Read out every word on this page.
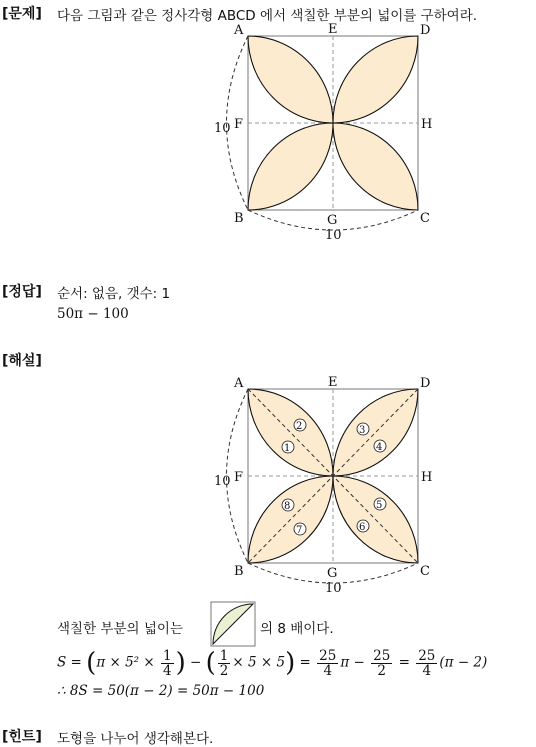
[문제] 다음 그림과 같은 정사각형 ABCD 에서 색칠한 부분의 넓이를 구하여라.
A	D
B	C
E
F	H
G
10
10
[정답] 순서: 없음, 갯수: 1
50π − 100
[해설]
1
2	3
4
5
6
7
8
A	D
B	C
E
F	H
G
10
10
색칠한 부분의 넓이는	의 8 배이다.
$S = (\pi \times 5^2 \times \frac{1}{4}$ ) − ( $\frac{1}{2} \times 5 \times 5) = \frac{25}{4}$ $\pi - \frac{25}{2} = \frac{25}{4} (\pi - 2)$
∴ 8S = 50(π − 2) = 50π − 100
[힌트] 도형을 나누어 생각해본다.
